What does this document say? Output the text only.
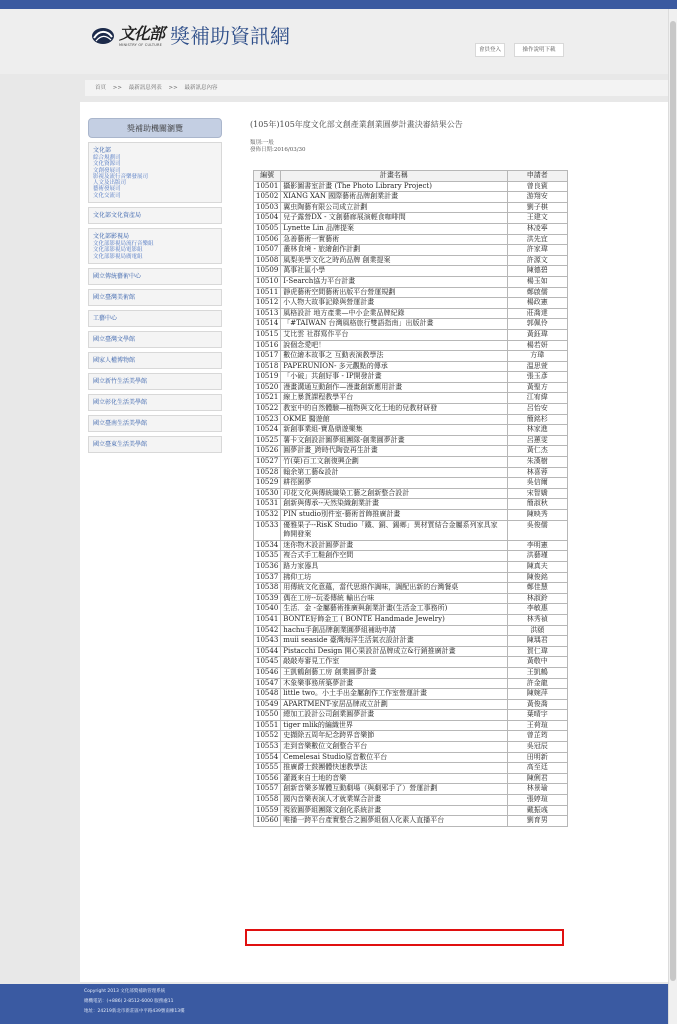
文化部
MINISTRY OF CULTURE 獎補助資訊網
會員登入	操作說明下載
首頁 >> 最新訊息列表 >> 最新訊息內容
獎補助機關瀏覽
文化部
綜合規劃司
文化資源司
文創發展司
影視及流行音樂發展司
人文及出版司
藝術發展司
文化交流司
文化部文化資產局
文化部影視局
文化部影視局流行音樂組
文化部影視局電影組
文化部影視局廣電組
國立傳統藝術中心
國立臺灣美術館
工藝中心
國立臺灣文學館
國家人權博物館
國立新竹生活美學館
國立彰化生活美學館
國立臺南生活美學館
國立臺東生活美學館
(105年)105年度文化部文創產業創業圓夢計畫決審結果公告
類別:一般
發佈日期:2016/03/30
編號	計畫名稱	申請者
10501	攝影圖書室計畫 (The Photo Library Project)	曾良賓
10502	XIANG XAN 國際藝術品牌創業計畫	游翔安
10503	翼虫陶藝有限公司成立計劃	劉子棋
10504	兒子露營DX - 文創藝廊展演輕食咖啡間	王建文
10505	Lynette Lin 品牌提案	林凌寧
10506	急善藝術一實藝術	洪先宜
10507	叢林食境 - 旅繪創作計劃	許家瑋
10508	風梨美學文化之時尚品牌 創業提案	許源文
10509	萬事社區小學	陳德碧
10510	I-Search協力平台計畫	楊玉如
10511	靜虎藝術空間藝術出版平台營運規劃	鄭啟儒
10512	小人物大故事記錄與營運計畫	楊政憲
10513	風格設計 地方產業—中小企業品牌紀錄	莊喬達
10514	「#TAIWAN 台灣風格旅行雙語指南」出版計畫	郭佩伶
10515	艾比雲 社群寫作平台	黃鈺瑋
10516	說個念愛吧！	楊若妍
10517	數位繪本故事之 互動表演教學法	方瑋
10518	PAPERUNION- 多元觀點的傳承	温思萱
10519	「小破」共創好事 - IP開發計畫	張玉彥
10520	漫畫溝通互動創作—漫畫創新應用計畫	黃聖方
10521	線上暴貨課程教學平台	江宥緯
10522	教室中的自然體驗—植物與文化土地的兒教材研發	呂怡安
10523	OKME 醫遊館	簡銘杉
10524	新創事業組-寶島鼎遊樂集	林家進
10525	薯卡文創設計圖夢組團隊-創業圓夢計畫	呂蕙雯
10526	圓夢計畫_跨時代陶瓷再生計畫	黃仁杰
10527	竹(葉)百工文創復興企劃	朱漢樹
10528	翰余第工藝&設計	林喜蓉
10529	耕徑園夢	吳信爾
10530	印花文化與傳統織染工藝之創新整合設計	宋智嬌
10531	創新與傳承--天然染織創業計畫	簡淑秋
10532	PIN studio別件室-藝術首飾推廣計畫	陳映秀
10533	優雅果子--RisK Studio「鐵、銅、錫鄉」異材質結合金屬系列家具家飾開發案	吳俊儒
10534	迷你物木設計圓夢計畫	李明憲
10535	複合式手工鞋創作空間	洪藝瑾
10536	路力家器具	陳真夫
10537	拂仰工坊	陳俊銘
10538	用傳統文化意蘊，當代思維作調味，調配出新的台灣餐桌	鄭佳慧
10539	偶在工房--玩委傳統 輸出台味	林淑鈴
10540	生活．金 -金屬藝術推廣與創業計畫(生活金工事務所)	李敏惠
10541	BONTE好飾金工 ( BONTE Handmade Jewelry)	林秀禎
10542	hachu手創品牌創業圓夢組補助申請	洪頤
10543	muii seaside 臺灣海洋生活氣衣設計計畫	陳瑀君
10544	Pistacchi Design 開心果設計品牌成立&行銷推廣計畫	賀仁瑋
10545	敲敲寿審見工作室	黃敬中
10546	王凱鶴創藝工房 創業圓夢計畫	王凱鶴
10547	木象樂事務所築夢計畫	許金龍
10548	little two。小土手出金屬創作工作室營運計畫	陳婉萍
10549	APARTMENT-家居品牌成立計劃	黃俊喬
10550	總加工設計公司創業圓夢計畫	葉晴宇
10551	tiger mlik的編織世界	王荷瑄
10552	史擷除五周年紀念跨界音樂節	曾芷筠
10553	走到音樂數位文創整合平台	吳冠辰
10554	Cemelesai Studio原音數位平台	田明新
10555	推廣爵士鼓團體快速教學法	高至廷
10556	灌溉來自土地的音樂	陳俐君
10557	創新音樂多媒體互動劇場（與劇邪手了）營運計劃	林景瑜
10558	國內音樂表演人才就業媒合計畫	張婷瑄
10559	視敘圓夢組團隊文創化系統計畫	戴振彧
10560	唯播一跨平台產實整合之圓夢組個人化素人直播平台	劉育男
Copyright 2013 文化部獎補助管理系統
總機電話：(+886) 2-8512-6000 服務處11
地址：24219新北市新莊區中平路439號南棟13樓
